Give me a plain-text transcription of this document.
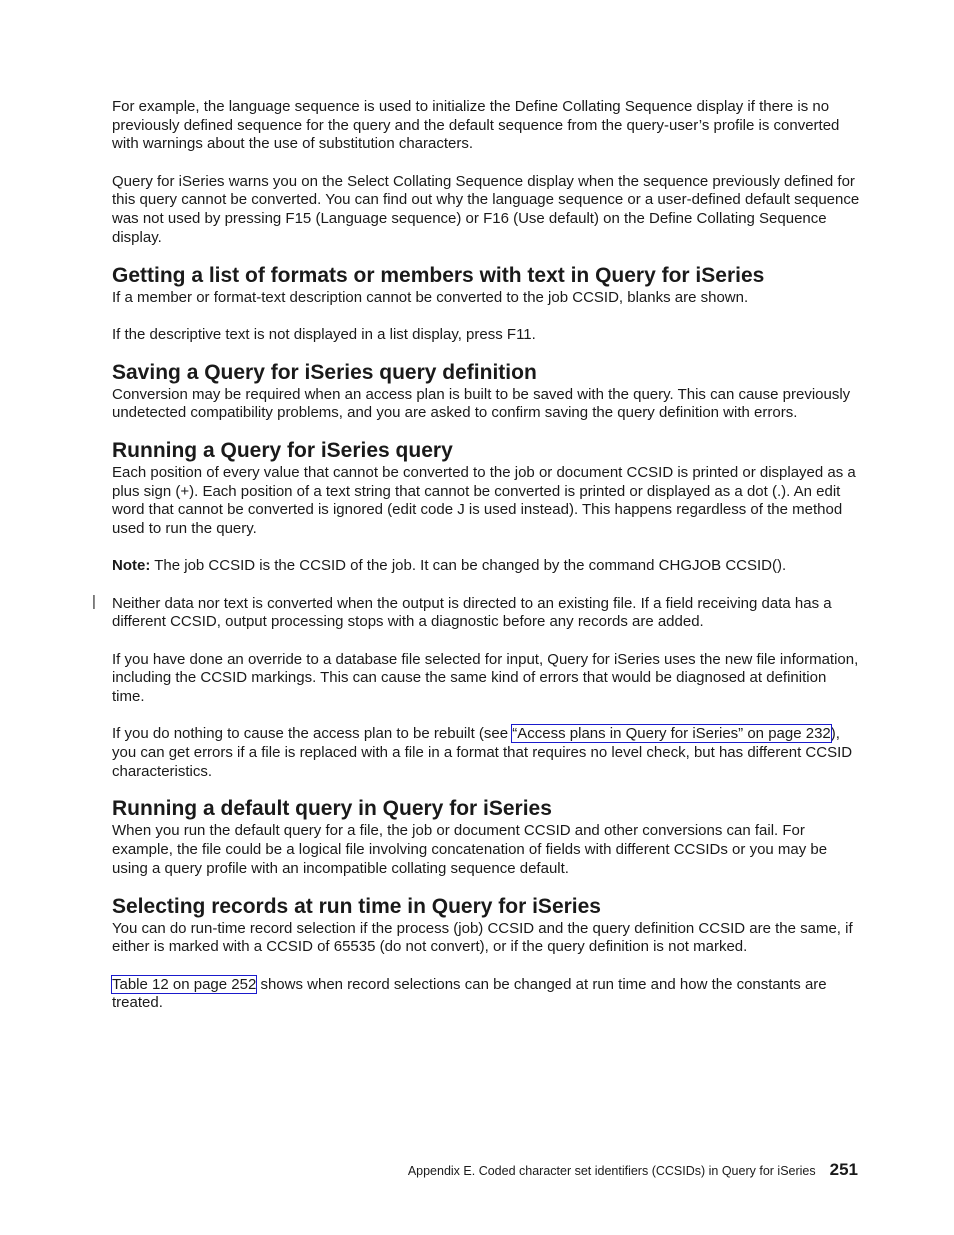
For example, the language sequence is used to initialize the Define Collating Sequence display if there is no previously defined sequence for the query and the default sequence from the query-user’s profile is converted with warnings about the use of substitution characters.

Query for iSeries warns you on the Select Collating Sequence display when the sequence previously defined for this query cannot be converted. You can find out why the language sequence or a user-defined default sequence was not used by pressing F15 (Language sequence) or F16 (Use default) on the Define Collating Sequence display.

Getting a list of formats or members with text in Query for iSeries

If a member or format-text description cannot be converted to the job CCSID, blanks are shown.

If the descriptive text is not displayed in a list display, press F11.

Saving a Query for iSeries query definition

Conversion may be required when an access plan is built to be saved with the query. This can cause previously undetected compatibility problems, and you are asked to confirm saving the query definition with errors.

Running a Query for iSeries query

Each position of every value that cannot be converted to the job or document CCSID is printed or displayed as a plus sign (+). Each position of a text string that cannot be converted is printed or displayed as a dot (.). An edit word that cannot be converted is ignored (edit code J is used instead). This happens regardless of the method used to run the query.

Note: The job CCSID is the CCSID of the job. It can be changed by the command CHGJOB CCSID().

Neither data nor text is converted when the output is directed to an existing file. If a field receiving data has a different CCSID, output processing stops with a diagnostic before any records are added.

If you have done an override to a database file selected for input, Query for iSeries uses the new file information, including the CCSID markings. This can cause the same kind of errors that would be diagnosed at definition time.

If you do nothing to cause the access plan to be rebuilt (see “Access plans in Query for iSeries” on page 232), you can get errors if a file is replaced with a file in a format that requires no level check, but has different CCSID characteristics.

Running a default query in Query for iSeries

When you run the default query for a file, the job or document CCSID and other conversions can fail. For example, the file could be a logical file involving concatenation of fields with different CCSIDs or you may be using a query profile with an incompatible collating sequence default.

Selecting records at run time in Query for iSeries

You can do run-time record selection if the process (job) CCSID and the query definition CCSID are the same, if either is marked with a CCSID of 65535 (do not convert), or if the query definition is not marked.

Table 12 on page 252 shows when record selections can be changed at run time and how the constants are treated.

|
Appendix E. Coded character set identifiers (CCSIDs) in Query for iSeries 251
